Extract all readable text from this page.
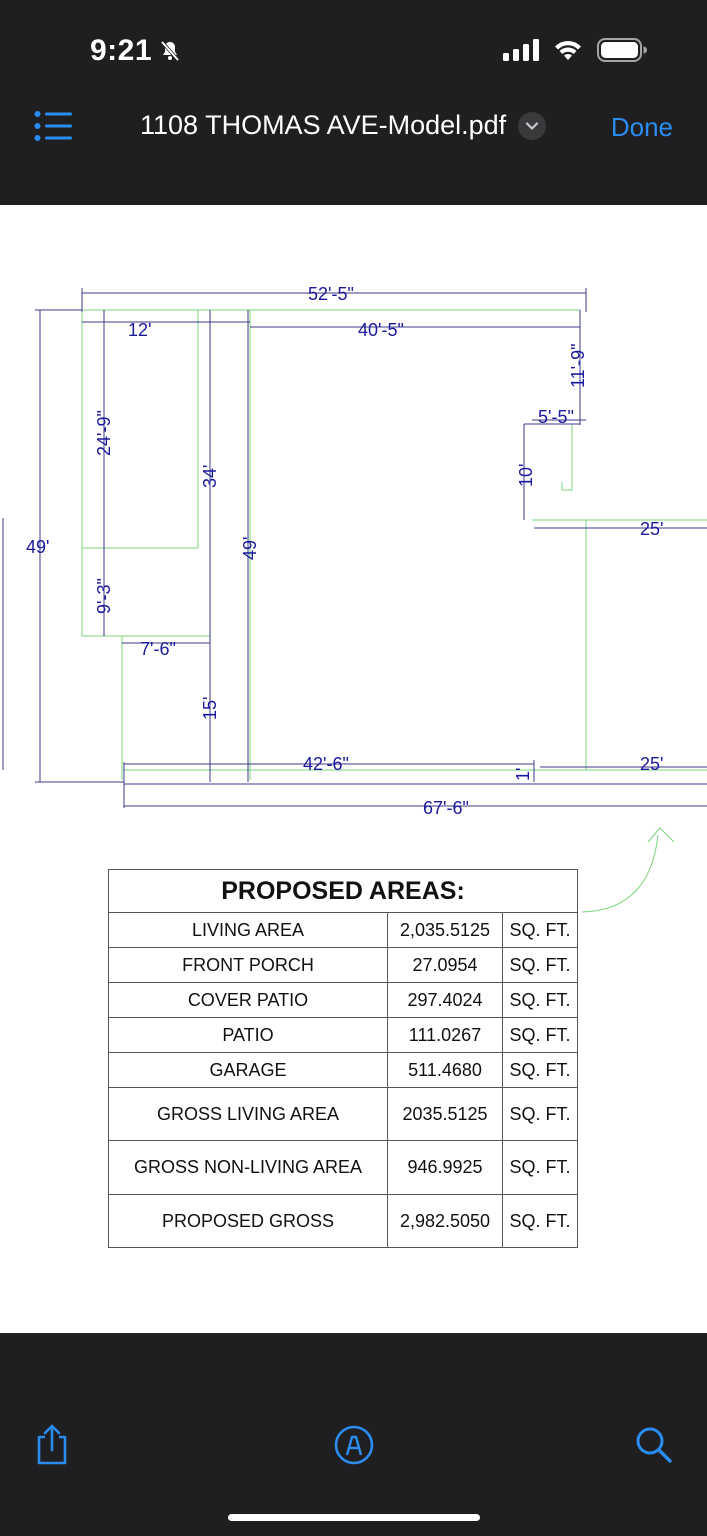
9:21
1108 THOMAS AVE-Model.pdf	Done
52'-5"
12'	40'-5"
5'-5"
25'
49'
7'-6"
42'-6"	25'
67'-6"
11'-9"
10'
24'-9"
34'
49'
9'-3"
15'
1'
PROPOSED AREAS:		
LIVING AREA	2,035.5125	SQ. FT.
FRONT PORCH	27.0954	SQ. FT.
COVER PATIO	297.4024	SQ. FT.
PATIO	111.0267	SQ. FT.
GARAGE	511.4680	SQ. FT.
GROSS LIVING AREA	2035.5125	SQ. FT.
GROSS NON-LIVING AREA	946.9925	SQ. FT.
PROPOSED GROSS	2,982.5050	SQ. FT.
